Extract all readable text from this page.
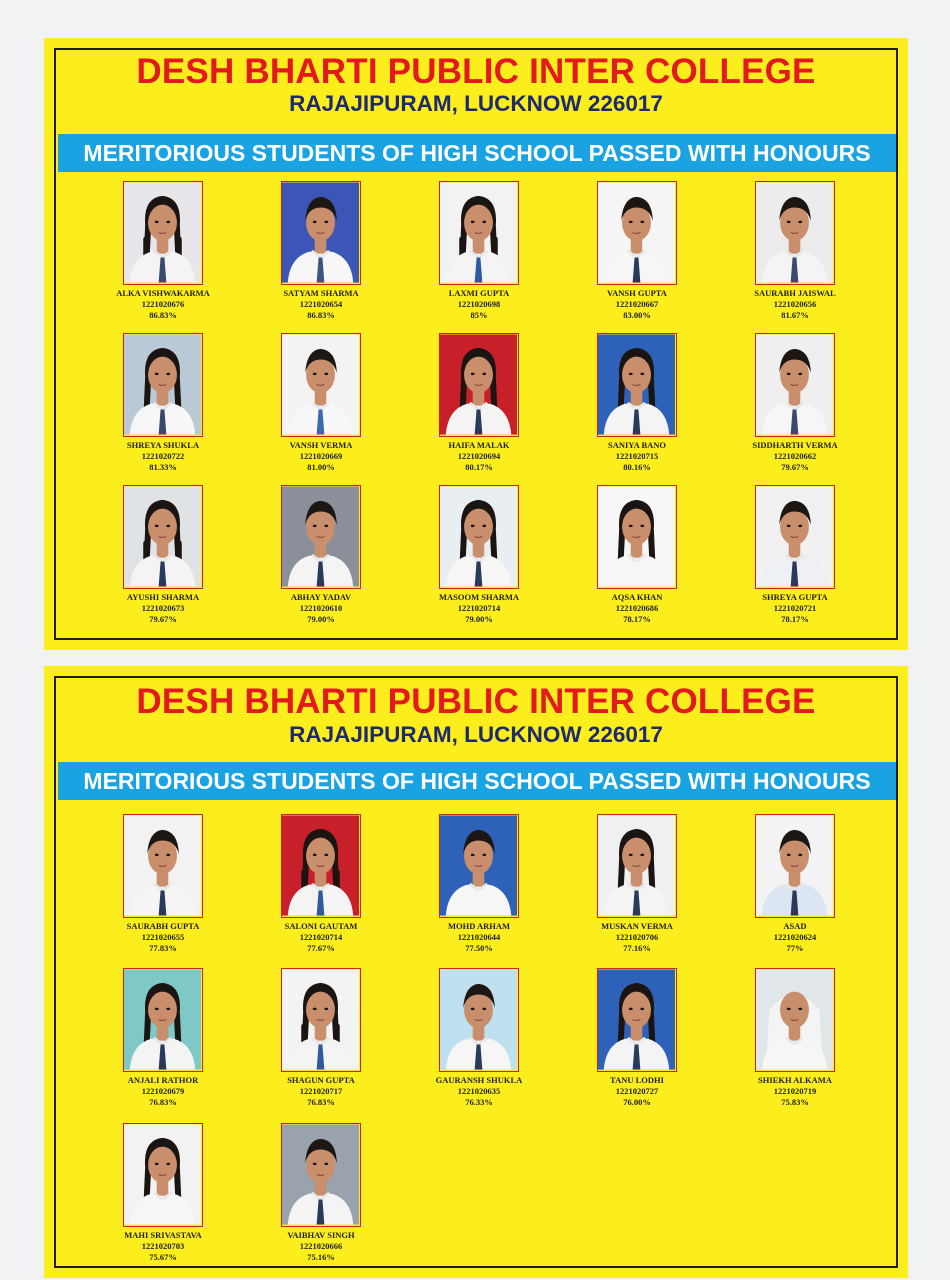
DESH BHARTI PUBLIC INTER COLLEGE
RAJAJIPURAM, LUCKNOW 226017
MERITORIOUS STUDENTS OF HIGH SCHOOL PASSED WITH HONOURS
ALKA VISHWAKARMA
1221020676
86.83%
SATYAM SHARMA
1221020654
86.83%
LAXMI GUPTA
1221020698
85%
VANSH GUPTA
1221020667
83.00%
SAURABH JAISWAL
1221020656
81.67%
SHREYA SHUKLA
1221020722
81.33%
VANSH VERMA
1221020669
81.00%
HAIFA MALAK
1221020694
80.17%
SANIYA BANO
1221020715
80.16%
SIDDHARTH VERMA
1221020662
79.67%
AYUSHI SHARMA
1221020673
79.67%
ABHAY YADAV
1221020610
79.00%
MASOOM SHARMA
1221020714
79.00%
AQSA KHAN
1221020686
78.17%
SHREYA GUPTA
1221020721
78.17%
DESH BHARTI PUBLIC INTER COLLEGE
RAJAJIPURAM, LUCKNOW 226017
MERITORIOUS STUDENTS OF HIGH SCHOOL PASSED WITH HONOURS
SAURABH GUPTA
1221020655
77.83%
SALONI GAUTAM
1221020714
77.67%
MOHD ARHAM
1221020644
77.50%
MUSKAN VERMA
1221020706
77.16%
ASAD
1221020624
77%
ANJALI RATHOR
1221020679
76.83%
SHAGUN GUPTA
1221020717
76.83%
GAURANSH SHUKLA
1221020635
76.33%
TANU LODHI
1221020727
76.00%
SHIEKH ALKAMA
1221020719
75.83%
MAHI SRIVASTAVA
1221020703
75.67%
VAIBHAV SINGH
1221020666
75.16%
